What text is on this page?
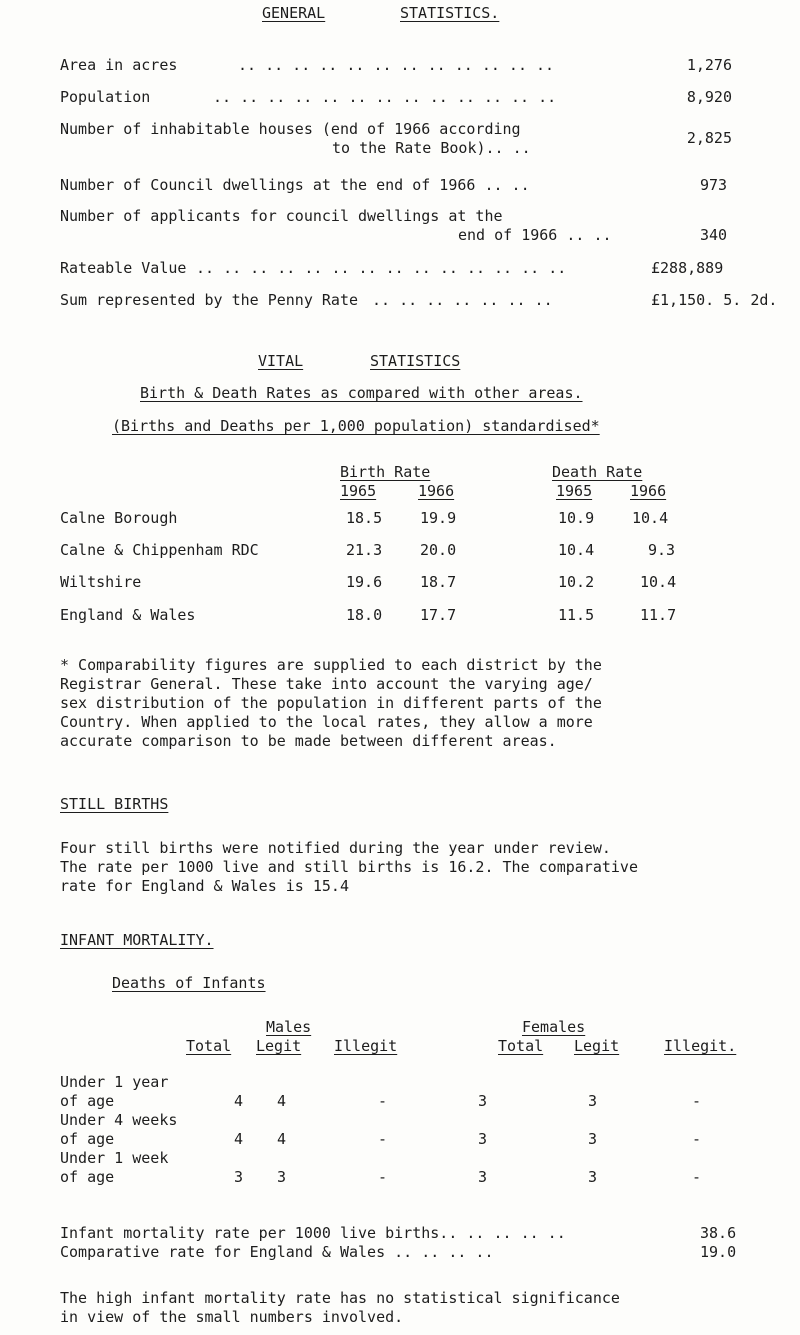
GENERAL	STATISTICS.
Area in acres	.. .. .. .. .. .. .. .. .. .. .. ..	1,276
Population	.. .. .. .. .. .. .. .. .. .. .. .. ..	8,920
Number of inhabitable houses (end of 1966 according
to the Rate Book).. ..
2,825
Number of Council dwellings at the end of 1966 .. ..	973
Number of applicants for council dwellings at the
end of 1966 .. ..	340
Rateable Value .. .. .. .. .. .. .. .. .. .. .. .. .. ..	£288,889
Sum represented by the Penny Rate .. .. .. .. .. .. ..	£1,150. 5. 2d.
VITAL	STATISTICS
Birth & Death Rates as compared with other areas.
(Births and Deaths per 1,000 population) standardised*
Birth Rate	Death Rate
1965	1966	1965	1966
Calne Borough	18.5	19.9	10.9	10.4
Calne & Chippenham RDC	21.3	20.0	10.4	9.3
Wiltshire	19.6	18.7	10.2	10.4
England & Wales	18.0	17.7	11.5	11.7
* Comparability figures are supplied to each district by the
Registrar General. These take into account the varying age/
sex distribution of the population in different parts of the
Country. When applied to the local rates, they allow a more
accurate comparison to be made between different areas.
STILL BIRTHS
Four still births were notified during the year under review.
The rate per 1000 live and still births is 16.2. The comparative
rate for England & Wales is 15.4
INFANT MORTALITY.
Deaths of Infants
Males	Females
Total Legit Illegit	Total Legit	Illegit.
Under 1 year
of age	4 4	-	3	3	-
Under 4 weeks
of age	4 4	-	3	3	-
Under 1 week
of age	3 3	-	3	3	-
Infant mortality rate per 1000 live births.. .. .. .. ..	38.6
Comparative rate for England & Wales .. .. .. ..	19.0
The high infant mortality rate has no statistical significance
in view of the small numbers involved.
